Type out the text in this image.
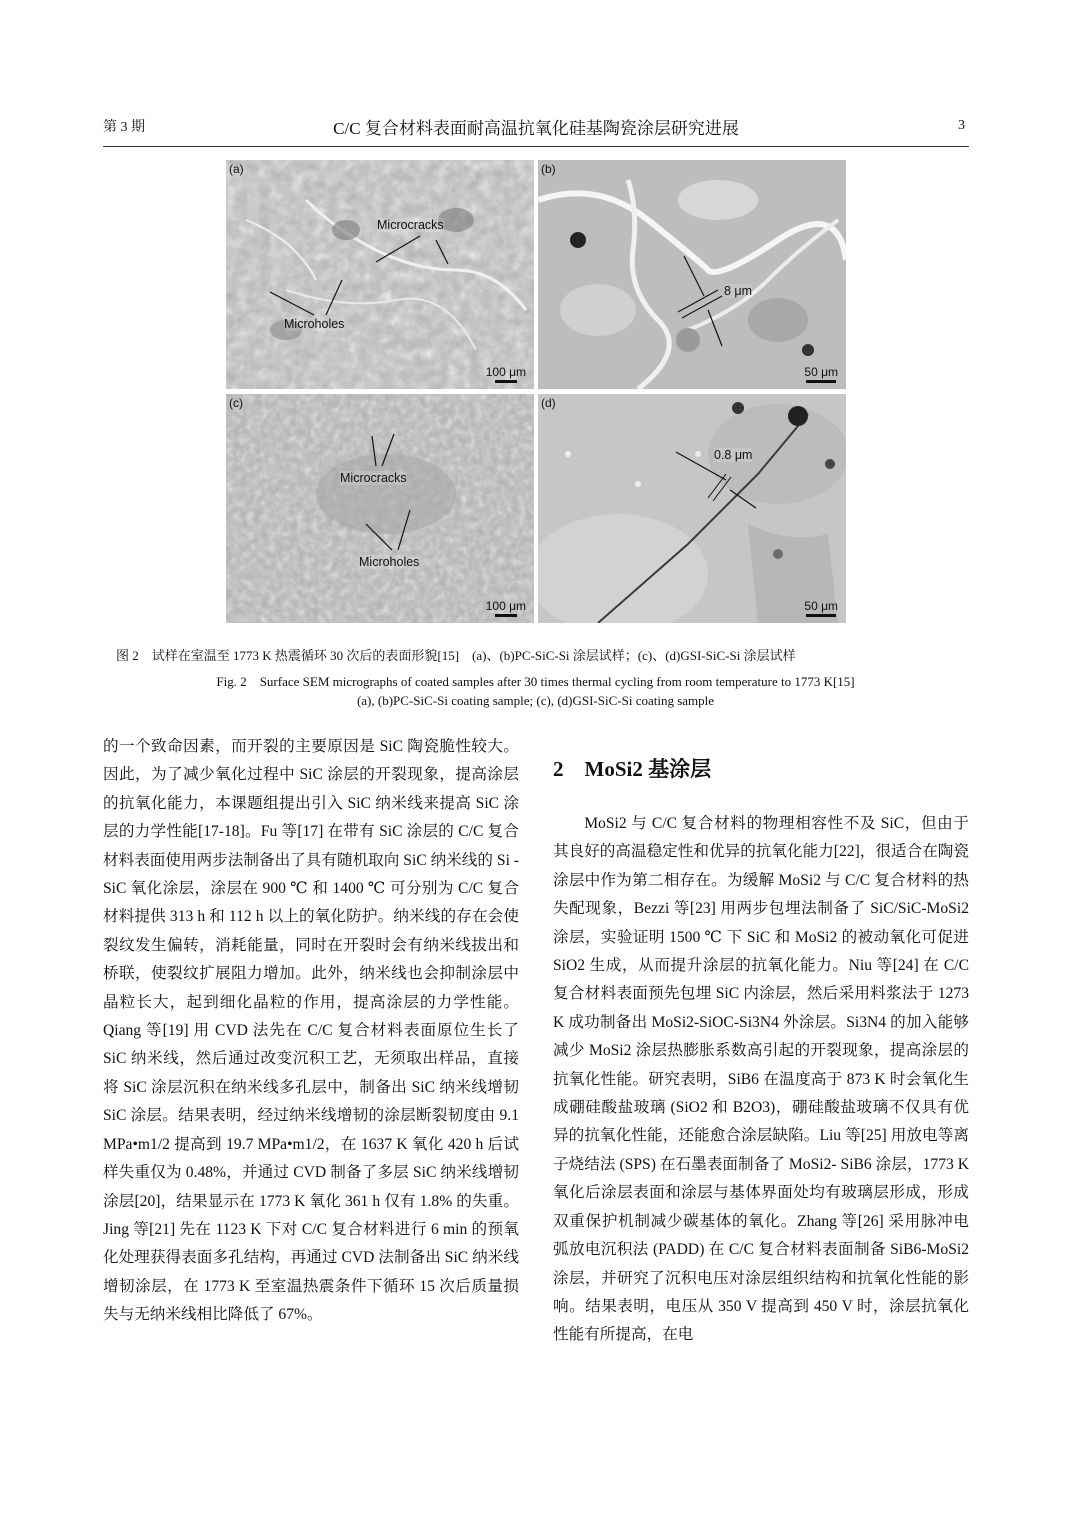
第 3 期	C/C 复合材料表面耐高温抗氧化硅基陶瓷涂层研究进展	3
(a)
Microcracks
Microholes
100 μm
(b)
8 μm
50 μm
(c)
Microcracks
Microholes
100 μm
(d)
0.8 μm
50 μm
图 2　试样在室温至 1773 K 热震循环 30 次后的表面形貌[15]　(a)、(b)PC-SiC-Si 涂层试样；(c)、(d)GSI-SiC-Si 涂层试样
Fig. 2　Surface SEM micrographs of coated samples after 30 times thermal cycling from room temperature to 1773 K[15]
(a), (b)PC-SiC-Si coating sample; (c), (d)GSI-SiC-Si coating sample

的一个致命因素，而开裂的主要原因是 SiC 陶瓷脆性较大。因此，为了减少氧化过程中 SiC 涂层的开裂现象，提高涂层的抗氧化能力，本课题组提出引入 SiC 纳米线来提高 SiC 涂层的力学性能[17-18]。Fu 等[17] 在带有 SiC 涂层的 C/C 复合材料表面使用两步法制备出了具有随机取向 SiC 纳米线的 Si - SiC 氧化涂层，涂层在 900 ℃ 和 1400 ℃ 可分别为 C/C 复合材料提供 313 h 和 112 h 以上的氧化防护。纳米线的存在会使裂纹发生偏转，消耗能量，同时在开裂时会有纳米线拔出和桥联，使裂纹扩展阻力增加。此外，纳米线也会抑制涂层中晶粒长大，起到细化晶粒的作用，提高涂层的力学性能。Qiang 等[19] 用 CVD 法先在 C/C 复合材料表面原位生长了 SiC 纳米线，然后通过改变沉积工艺，无须取出样品，直接将 SiC 涂层沉积在纳米线多孔层中，制备出 SiC 纳米线增韧 SiC 涂层。结果表明，经过纳米线增韧的涂层断裂韧度由 9.1 MPa•m1/2 提高到 19.7 MPa•m1/2，在 1637 K 氧化 420 h 后试样失重仅为 0.48%，并通过 CVD 制备了多层 SiC 纳米线增韧涂层[20]，结果显示在 1773 K 氧化 361 h 仅有 1.8% 的失重。Jing 等[21] 先在 1123 K 下对 C/C 复合材料进行 6 min 的预氧化处理获得表面多孔结构，再通过 CVD 法制备出 SiC 纳米线增韧涂层，在 1773 K 至室温热震条件下循环 15 次后质量损失与无纳米线相比降低了 67%。

2　MoSi2 基涂层

MoSi2 与 C/C 复合材料的物理相容性不及 SiC，但由于其良好的高温稳定性和优异的抗氧化能力[22]，很适合在陶瓷涂层中作为第二相存在。为缓解 MoSi2 与 C/C 复合材料的热失配现象，Bezzi 等[23] 用两步包埋法制备了 SiC/SiC-MoSi2 涂层，实验证明 1500 ℃ 下 SiC 和 MoSi2 的被动氧化可促进 SiO2 生成，从而提升涂层的抗氧化能力。Niu 等[24] 在 C/C 复合材料表面预先包埋 SiC 内涂层，然后采用料浆法于 1273 K 成功制备出 MoSi2-SiOC-Si3N4 外涂层。Si3N4 的加入能够减少 MoSi2 涂层热膨胀系数高引起的开裂现象，提高涂层的抗氧化性能。研究表明，SiB6 在温度高于 873 K 时会氧化生成硼硅酸盐玻璃 (SiO2 和 B2O3)，硼硅酸盐玻璃不仅具有优异的抗氧化性能，还能愈合涂层缺陷。Liu 等[25] 用放电等离子烧结法 (SPS) 在石墨表面制备了 MoSi2- SiB6 涂层，1773 K 氧化后涂层表面和涂层与基体界面处均有玻璃层形成，形成双重保护机制减少碳基体的氧化。Zhang 等[26] 采用脉冲电弧放电沉积法 (PADD) 在 C/C 复合材料表面制备 SiB6-MoSi2 涂层，并研究了沉积电压对涂层组织结构和抗氧化性能的影响。结果表明，电压从 350 V 提高到 450 V 时，涂层抗氧化性能有所提高，在电
